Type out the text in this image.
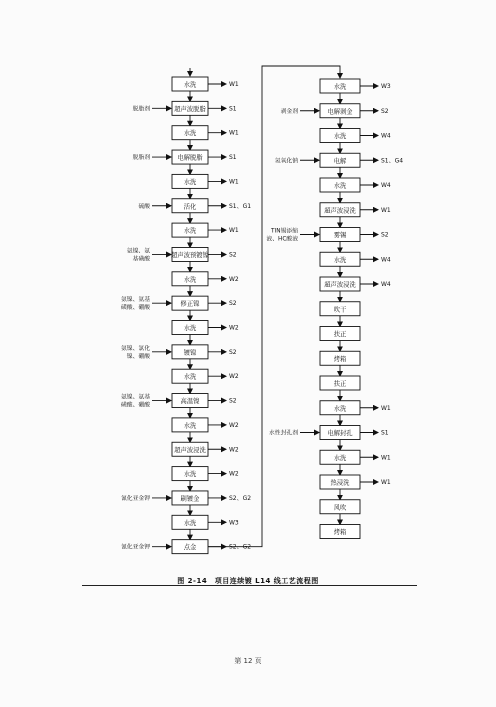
水洗	W1
超声波脱脂	S1
脱脂剂
水洗	W1
电解脱脂	S1
脱脂剂
水洗	W1
活化	S1、G1
硫酸
水洗	W1
超声波预镀镍	S2
氨镍、氨
基磺酸
水洗	W2
修正镍	S2
氨镍、氨基
磺酸、硼酸
水洗	W2
镀镍	S2
氨镍、氯化
镍、硼酸
水洗	W2
高温镍	S2
氨镍、氨基
磺酸、硼酸
水洗	W2
超声波浸洗	W2
水洗	W2
刷镀金	S2、G2
氰化亚金钾
水洗	W3
点金	S2、G2
氰化亚金钾
水洗	W3
电解剥金	S2
剥金剂
水洗	W4
电解	S1、G4
氢氧化钠
水洗	W4
超声波浸洗	W1
雾锡	S2
TIN锡添缩
液、HC酸液
水洗	W4
超声波浸洗	W4
吹干
扶正
烤箱
扶正
水洗	W1
电解封孔	S1
水性封孔剂
水洗	W1
热浸洗	W1
风吹
烤箱
图 2-14　项目连续镀 L14 线工艺流程图
第 12 页
